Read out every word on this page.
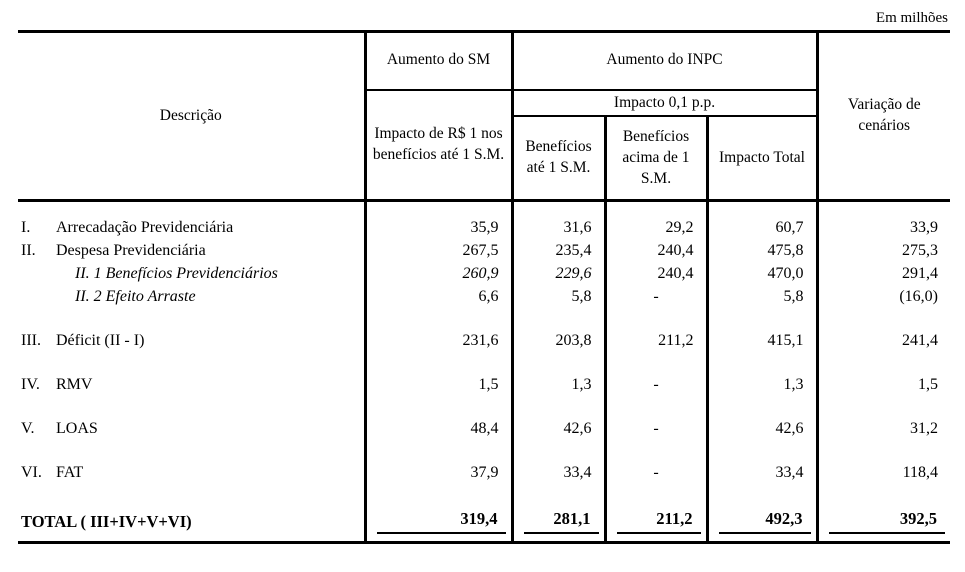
Em milhões
Descrição	Aumento do SM	Aumento do INPC			Variação de cenários
	Impacto de R$ 1 nos benefícios até 1 S.M.	Impacto 0,1 p.p.			
		Benefícios até 1 S.M.	Benefícios acima de 1 S.M.	Impacto Total	
I. Arrecadação Previdenciária	35,9	31,6	29,2	60,7	33,9
II. Despesa Previdenciária	267,5	235,4	240,4	475,8	275,3
II. 1 Benefícios Previdenciários	260,9	229,6	240,4	470,0	291,4
II. 2 Efeito Arraste	6,6	5,8	-	5,8	(16,0)
III. Déficit (II - I)	231,6	203,8	211,2	415,1	241,4
IV. RMV	1,5	1,3	-	1,3	1,5
V. LOAS	48,4	42,6	-	42,6	31,2
VI. FAT	37,9	33,4	-	33,4	118,4
TOTAL ( III+IV+V+VI)	319,4	281,1	211,2	492,3	392,5
